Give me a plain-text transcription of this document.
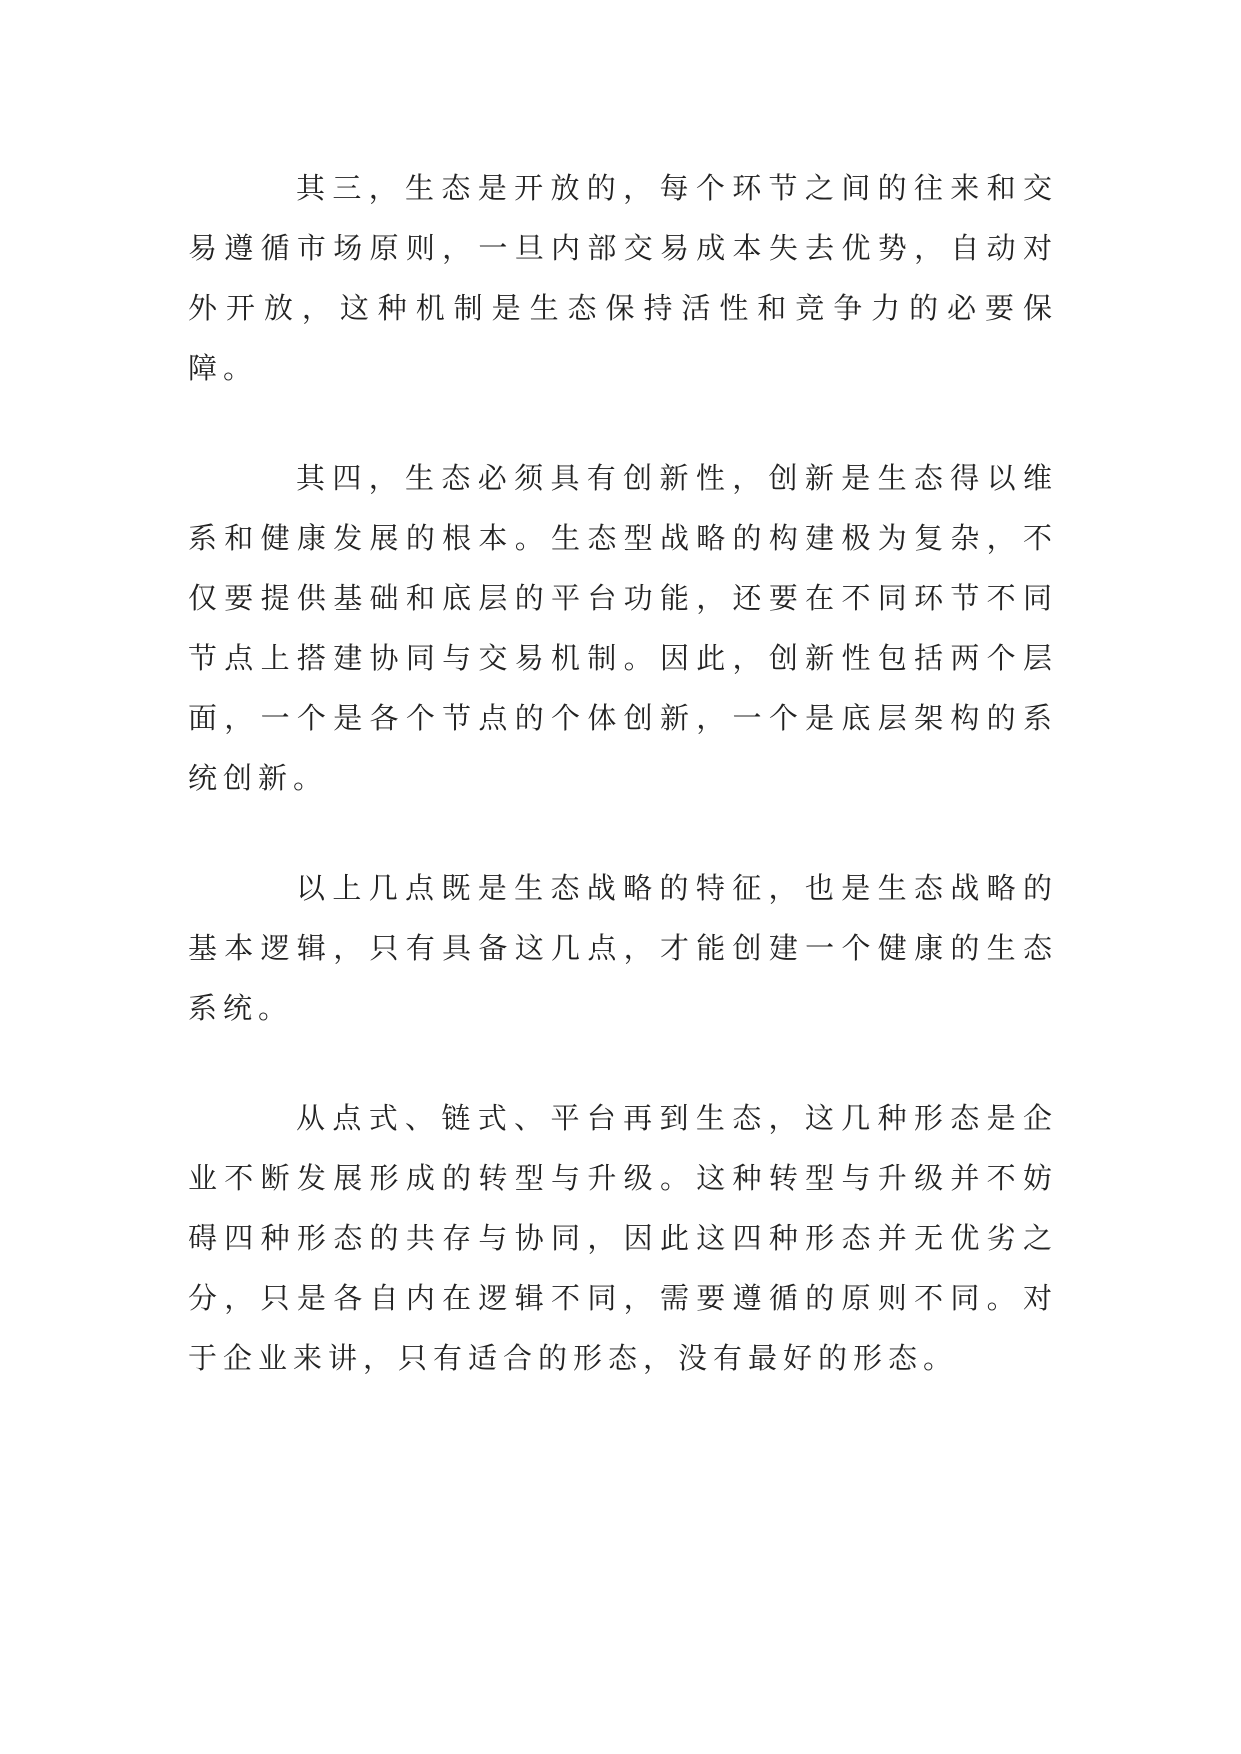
其三，生态是开放的，每个环节之间的往来和交易遵循市场原则，一旦内部交易成本失去优势，自动对外开放，这种机制是生态保持活性和竞争力的必要保障。

其四，生态必须具有创新性，创新是生态得以维系和健康发展的根本。生态型战略的构建极为复杂，不仅要提供基础和底层的平台功能，还要在不同环节不同节点上搭建协同与交易机制。因此，创新性包括两个层面，一个是各个节点的个体创新，一个是底层架构的系统创新。

以上几点既是生态战略的特征，也是生态战略的基本逻辑，只有具备这几点，才能创建一个健康的生态系统。

从点式、链式、平台再到生态，这几种形态是企业不断发展形成的转型与升级。这种转型与升级并不妨碍四种形态的共存与协同，因此这四种形态并无优劣之分，只是各自内在逻辑不同，需要遵循的原则不同。对于企业来讲，只有适合的形态，没有最好的形态。
